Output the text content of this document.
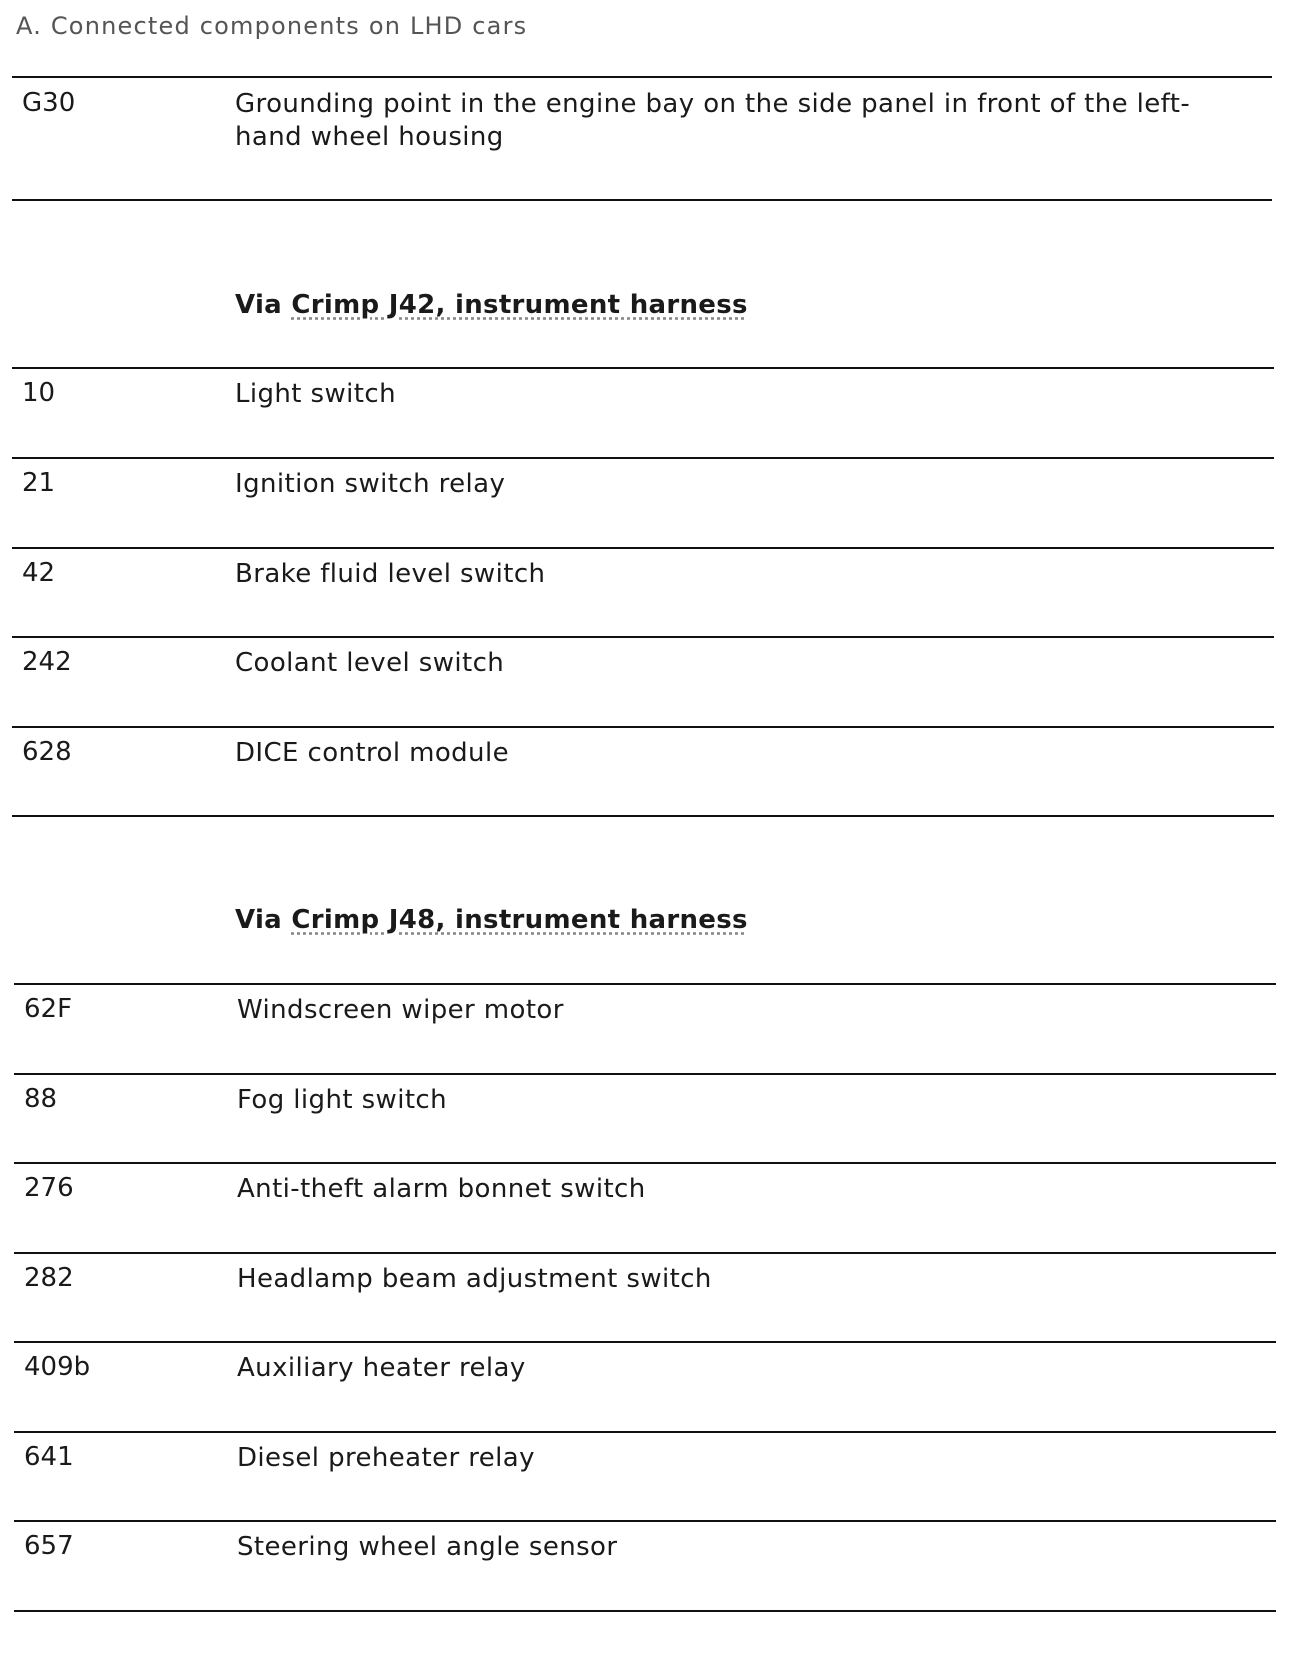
A. Connected components on LHD cars
G30	Grounding point in the engine bay on the side panel in front of the left-
hand wheel housing
Via Crimp J42, instrument harness
10	Light switch
21	Ignition switch relay
42	Brake fluid level switch
242	Coolant level switch
628	DICE control module
Via Crimp J48, instrument harness
62F	Windscreen wiper motor
88	Fog light switch
276	Anti-theft alarm bonnet switch
282	Headlamp beam adjustment switch
409b	Auxiliary heater relay
641	Diesel preheater relay
657	Steering wheel angle sensor
